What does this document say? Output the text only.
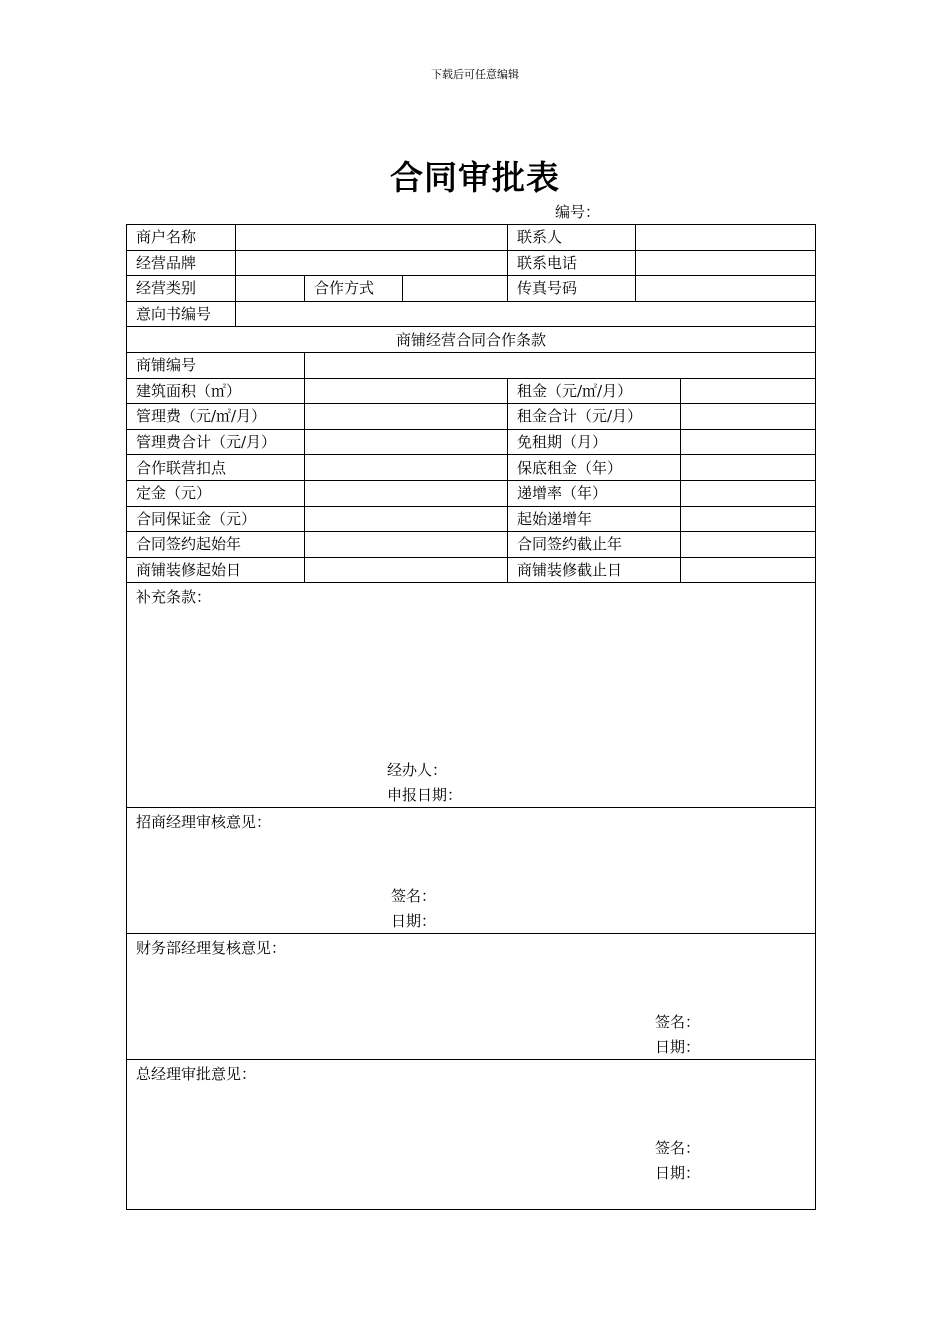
下载后可任意编辑
合同审批表
编号：
商户名称				联系人		
经营品牌				联系电话		
经营类别		合作方式		传真号码		
意向书编号						
商铺经营合同合作条款						
商铺编号						
建筑面积（㎡）				租金（元/㎡/月）		
管理费（元/㎡/月）				租金合计（元/月）		
管理费合计（元/月）				免租期（月）		
合作联营扣点				保底租金（年）		
定金（元）				递增率（年）		
合同保证金（元）				起始递增年		
合同签约起始年				合同签约截止年		
商铺装修起始日				商铺装修截止日		
补充条款：
经办人：
申报日期：						

招商经理审核意见：
签名：
日期：						

财务部经理复核意见：
签名：
日期：						

总经理审批意见：
签名：
日期：						
